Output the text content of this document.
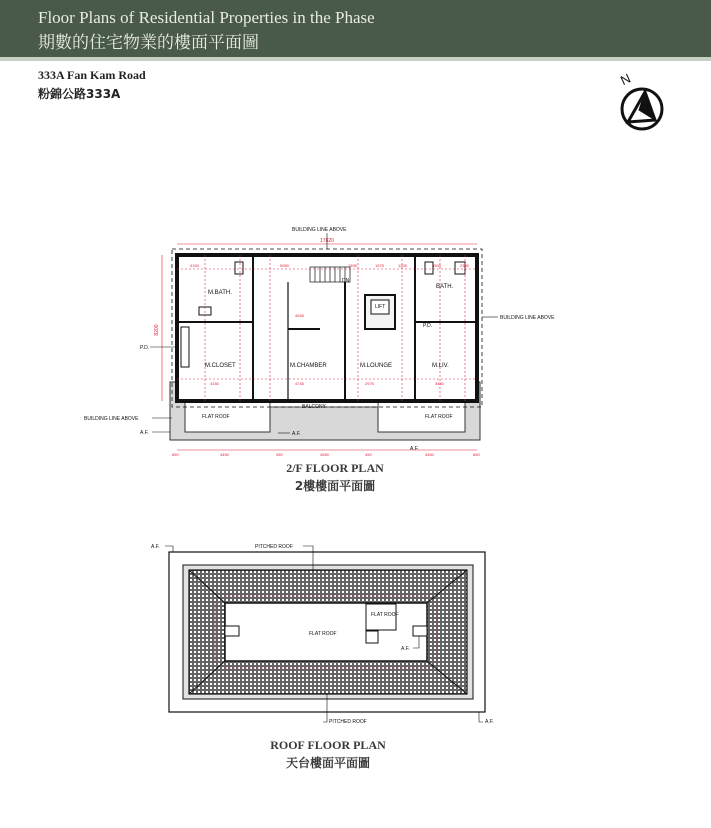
Floor Plans of Residential Properties in the Phase
期數的住宅物業的樓面平面圖
333A Fan Kam Road
粉錦公路333A
N
17620
8200
4150	5050	1595	1975	1205	3500	2300
4150	4745	2975	3450
4945
650	4450	450	4550	450	4450	650
M.BATH.
BATH.
LIFT
DN
P.D.
P.D.
M.CLOSET	M.CHAMBER	M.LOUNGE	M.LIV.
FLAT ROOF	FLAT ROOF
BALCONY
BUILDING LINE ABOVE
BUILDING LINE ABOVE
BUILDING LINE ABOVE
A.F.	A.F.
A.F.
2/F FLOOR PLAN
2樓樓面平面圖
A.F.	PITCHED ROOF
FLAT ROOF
FLAT ROOF
A.F.
PITCHED ROOF	A.F.
ROOF FLOOR PLAN
天台樓面平面圖
